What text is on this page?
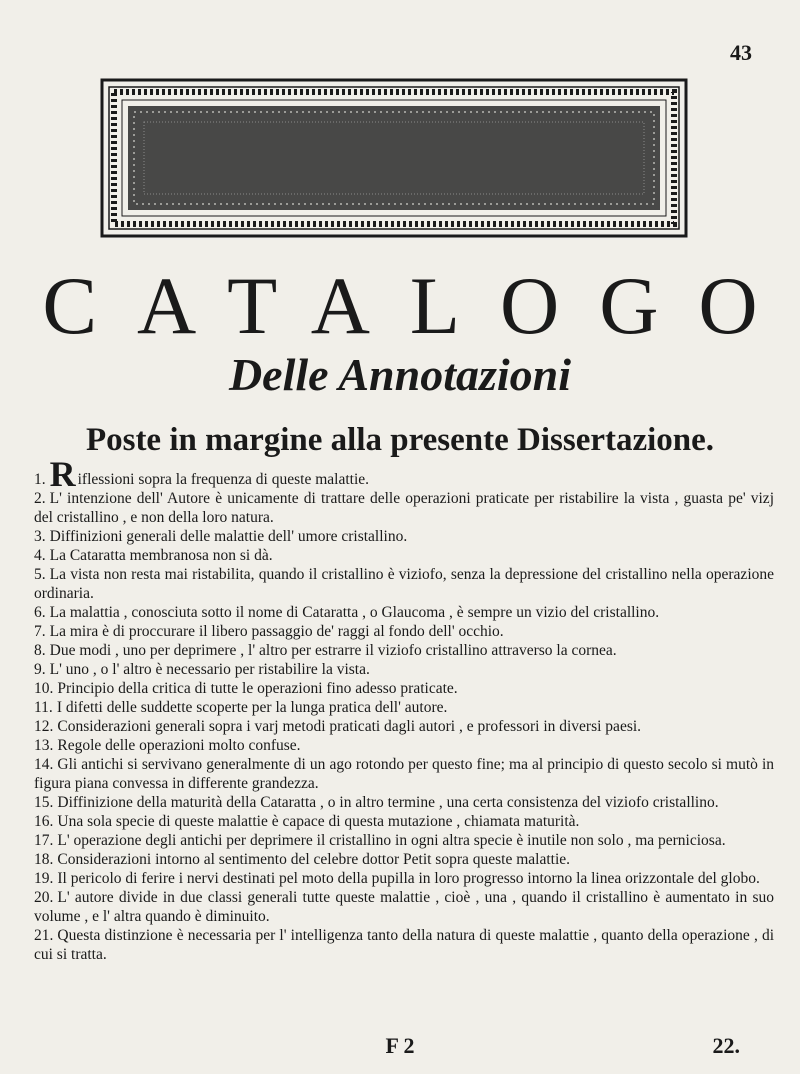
43
CATALOGO
Delle Annotazioni
Poste in margine alla presente Dissertazione.

1. R iflessioni sopra la frequenza di queste malattie.

2. L' intenzione dell' Autore è unicamente di trattare delle operazioni praticate per ristabilire la vista , guasta pe' vizj del cristallino , e non della loro natura.

3. Diffinizioni generali delle malattie dell' umore cristallino.

4. La Cataratta membranosa non si dà.

5. La vista non resta mai ristabilita, quando il cristallino è viziofo, senza la depressione del cristallino nella operazione ordinaria.

6. La malattia , conosciuta sotto il nome di Cataratta , o Glaucoma , è sempre un vizio del cristallino.

7. La mira è di proccurare il libero passaggio de' raggi al fondo dell' occhio.

8. Due modi , uno per deprimere , l' altro per estrarre il viziofo cristallino attraverso la cornea.

9. L' uno , o l' altro è necessario per ristabilire la vista.

10. Principio della critica di tutte le operazioni fino adesso praticate.

11. I difetti delle suddette scoperte per la lunga pratica dell' autore.

12. Considerazioni generali sopra i varj metodi praticati dagli autori , e professori in diversi paesi.

13. Regole delle operazioni molto confuse.

14. Gli antichi si servivano generalmente di un ago rotondo per questo fine; ma al principio di questo secolo si mutò in figura piana convessa in differente grandezza.

15. Diffinizione della maturità della Cataratta , o in altro termine , una certa consistenza del viziofo cristallino.

16. Una sola specie di queste malattie è capace di questa mutazione , chiamata maturità.

17. L' operazione degli antichi per deprimere il cristallino in ogni altra specie è inutile non solo , ma perniciosa.

18. Considerazioni intorno al sentimento del celebre dottor Petit sopra queste malattie.

19. Il pericolo di ferire i nervi destinati pel moto della pupilla in loro progresso intorno la linea orizzontale del globo.

20. L' autore divide in due classi generali tutte queste malattie , cioè , una , quando il cristallino è aumentato in suo volume , e l' altra quando è diminuito.

21. Questa distinzione è necessaria per l' intelligenza tanto della natura di queste malattie , quanto della operazione , di cui si tratta.

F 2	22.
